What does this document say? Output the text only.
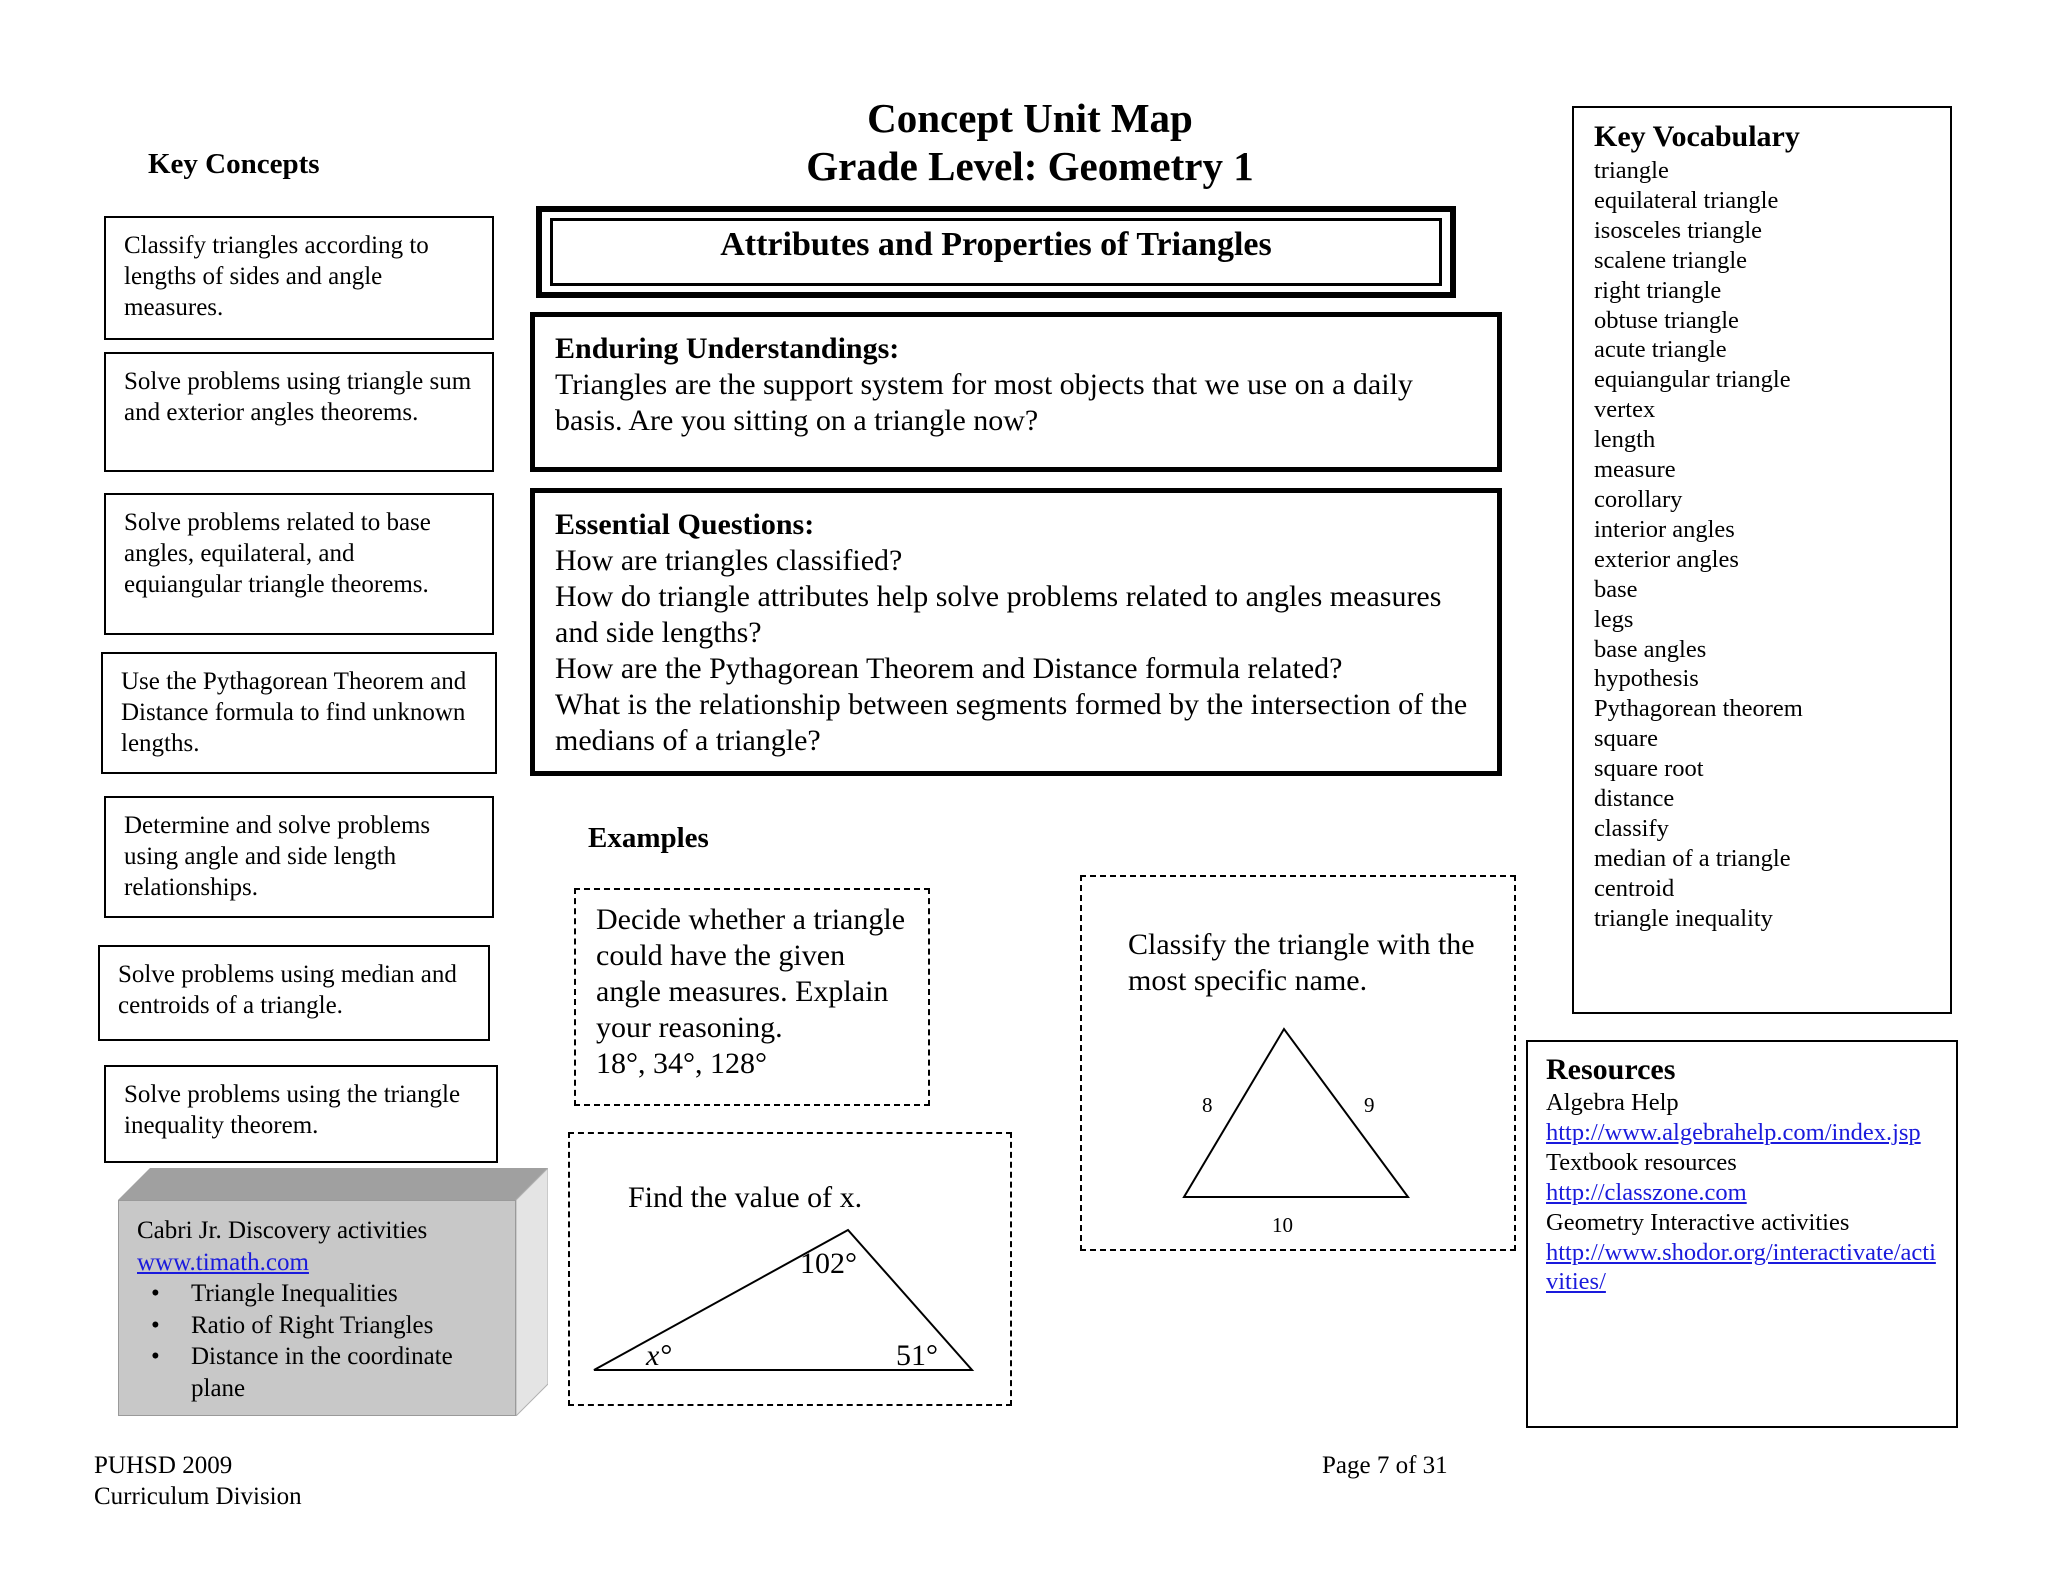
Concept Unit Map
Grade Level: Geometry 1
Key Concepts
Classify triangles according to lengths of sides and angle measures.
Solve problems using triangle sum and exterior angles theorems.
Solve problems related to base angles, equilateral, and equiangular triangle theorems.
Use the Pythagorean Theorem and Distance formula to find unknown lengths.
Determine and solve problems using angle and side length relationships.
Solve problems using median and centroids of a triangle.
Solve problems using the triangle inequality theorem.
Cabri Jr. Discovery activities
www.timath.com
• Triangle Inequalities
• Ratio of Right Triangles
• Distance in the coordinate plane
Attributes and Properties of Triangles
Enduring Understandings:
Triangles are the support system for most objects that we use on a daily basis. Are you sitting on a triangle now?
Essential Questions:
How are triangles classified?
How do triangle attributes help solve problems related to angles measures and side lengths?
How are the Pythagorean Theorem and Distance formula related?
What is the relationship between segments formed by the intersection of the medians of a triangle?
Examples
Decide whether a triangle could have the given angle measures. Explain your reasoning.
18°, 34°, 128°
Find the value of x.
102°
x°	51°
Classify the triangle with the most specific name.
8	9
10
Key Vocabulary
triangle
equilateral triangle
isosceles triangle
scalene triangle
right triangle
obtuse triangle
acute triangle
equiangular triangle
vertex
length
measure
corollary
interior angles
exterior angles
base
legs
base angles
hypothesis
Pythagorean theorem
square
square root
distance
classify
median of a triangle
centroid
triangle inequality
Resources
Algebra Help
http://www.algebrahelp.com/index.jsp
Textbook resources
http://classzone.com
Geometry Interactive activities
http://www.shodor.org/interactivate/activities/
PUHSD 2009
Curriculum Division
Page 7 of 31
